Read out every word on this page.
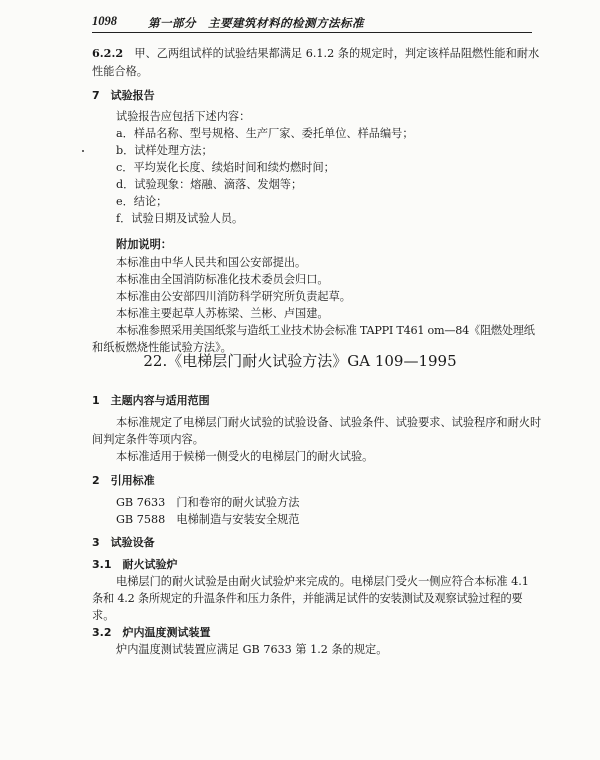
1098	第一部分　主要建筑材料的检测方法标准
6.2.2　 甲、乙两组试样的试验结果都满足 6.1.2 条的规定时，判定该样品阻燃性能和耐水
性能合格。
7　试验报告
试验报告应包括下述内容：
a．样品名称、型号规格、生产厂家、委托单位、样品编号；
b．试样处理方法；
c．平均炭化长度、续焰时间和续灼燃时间；
d．试验现象：熔融、滴落、发烟等；
e．结论；
f．试验日期及试验人员。
附加说明：
本标准由中华人民共和国公安部提出。
本标准由全国消防标准化技术委员会归口。
本标准由公安部四川消防科学研究所负责起草。
本标准主要起草人苏栋梁、兰彬、卢国建。
本标准参照采用美国纸浆与造纸工业技术协会标准 TAPPI T461 om—84《阻燃处理纸
和纸板燃烧性能试验方法》。
22.《电梯层门耐火试验方法》GA 109—1995
1　主题内容与适用范围
本标准规定了电梯层门耐火试验的试验设备、试验条件、试验要求、试验程序和耐火时
间判定条件等项内容。
本标准适用于候梯一侧受火的电梯层门的耐火试验。
2　引用标准
GB 7633　 门和卷帘的耐火试验方法
GB 7588　 电梯制造与安装安全规范
3　试验设备
3.1　耐火试验炉
电梯层门的耐火试验是由耐火试验炉来完成的。电梯层门受火一侧应符合本标准 4.1
条和 4.2 条所规定的升温条件和压力条件，并能满足试件的安装测试及观察试验过程的要
求。
3.2　炉内温度测试装置
炉内温度测试装置应满足 GB 7633 第 1.2 条的规定。
